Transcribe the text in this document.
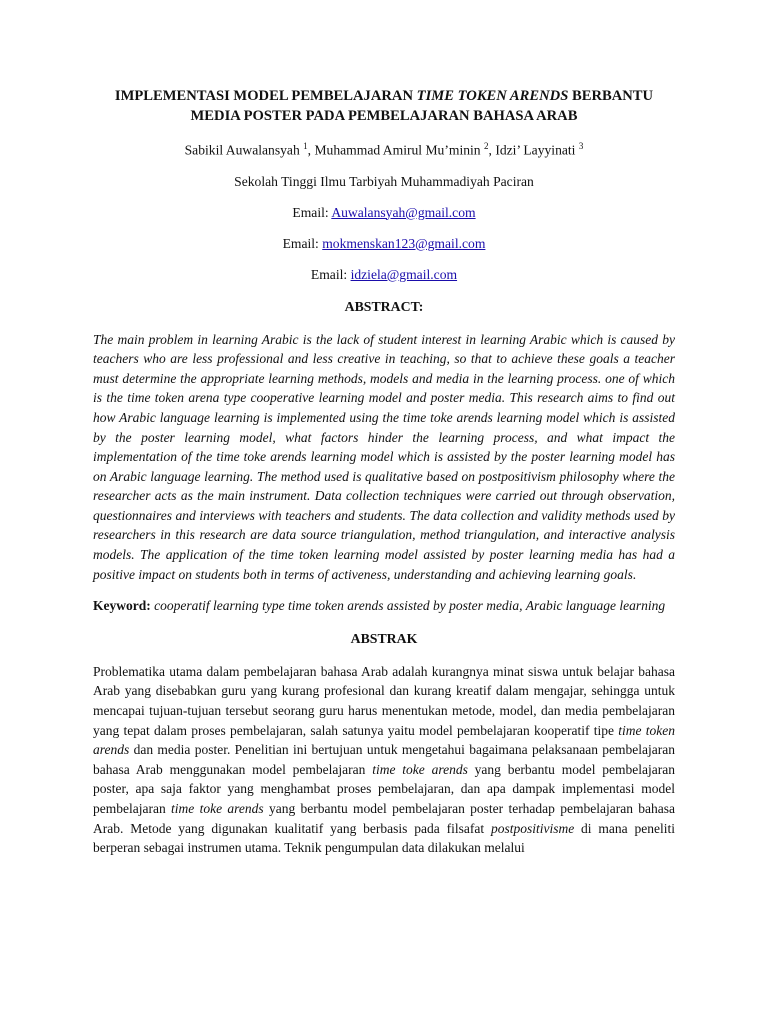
IMPLEMENTASI MODEL PEMBELAJARAN TIME TOKEN ARENDS BERBANTU MEDIA POSTER PADA PEMBELAJARAN BAHASA ARAB
Sabikil Auwalansyah $^1$, Muhammad Amirul Mu’minin $^2$, Idzi’ Layyinati $^3$
Sekolah Tinggi Ilmu Tarbiyah Muhammadiyah Paciran
Email: Auwalansyah@gmail.com
Email: mokmenskan123@gmail.com
Email: idziela@gmail.com
ABSTRACT:
The main problem in learning Arabic is the lack of student interest in learning Arabic which is caused by teachers who are less professional and less creative in teaching, so that to achieve these goals a teacher must determine the appropriate learning methods, models and media in the learning process. one of which is the time token arena type cooperative learning model and poster media. This research aims to find out how Arabic language learning is implemented using the time toke arends learning model which is assisted by the poster learning model, what factors hinder the learning process, and what impact the implementation of the time toke arends learning model which is assisted by the poster learning model has on Arabic language learning. The method used is qualitative based on postpositivism philosophy where the researcher acts as the main instrument. Data collection techniques were carried out through observation, questionnaires and interviews with teachers and students. The data collection and validity methods used by researchers in this research are data source triangulation, method triangulation, and interactive analysis models. The application of the time token learning model assisted by poster learning media has had a positive impact on students both in terms of activeness, understanding and achieving learning goals.
Keyword: cooperatif learning type time token arends assisted by poster media, Arabic language learning
ABSTRAK
Problematika utama dalam pembelajaran bahasa Arab adalah kurangnya minat siswa untuk belajar bahasa Arab yang disebabkan guru yang kurang profesional dan kurang kreatif dalam mengajar, sehingga untuk mencapai tujuan-tujuan tersebut seorang guru harus menentukan metode, model, dan media pembelajaran yang tepat dalam proses pembelajaran, salah satunya yaitu model pembelajaran kooperatif tipe time token arends dan media poster. Penelitian ini bertujuan untuk mengetahui bagaimana pelaksanaan pembelajaran bahasa Arab menggunakan model pembelajaran time toke arends yang berbantu model pembelajaran poster, apa saja faktor yang menghambat proses pembelajaran, dan apa dampak implementasi model pembelajaran time toke arends yang berbantu model pembelajaran poster terhadap pembelajaran bahasa Arab. Metode yang digunakan kualitatif yang berbasis pada filsafat postpositivisme di mana peneliti berperan sebagai instrumen utama. Teknik pengumpulan data dilakukan melalui
